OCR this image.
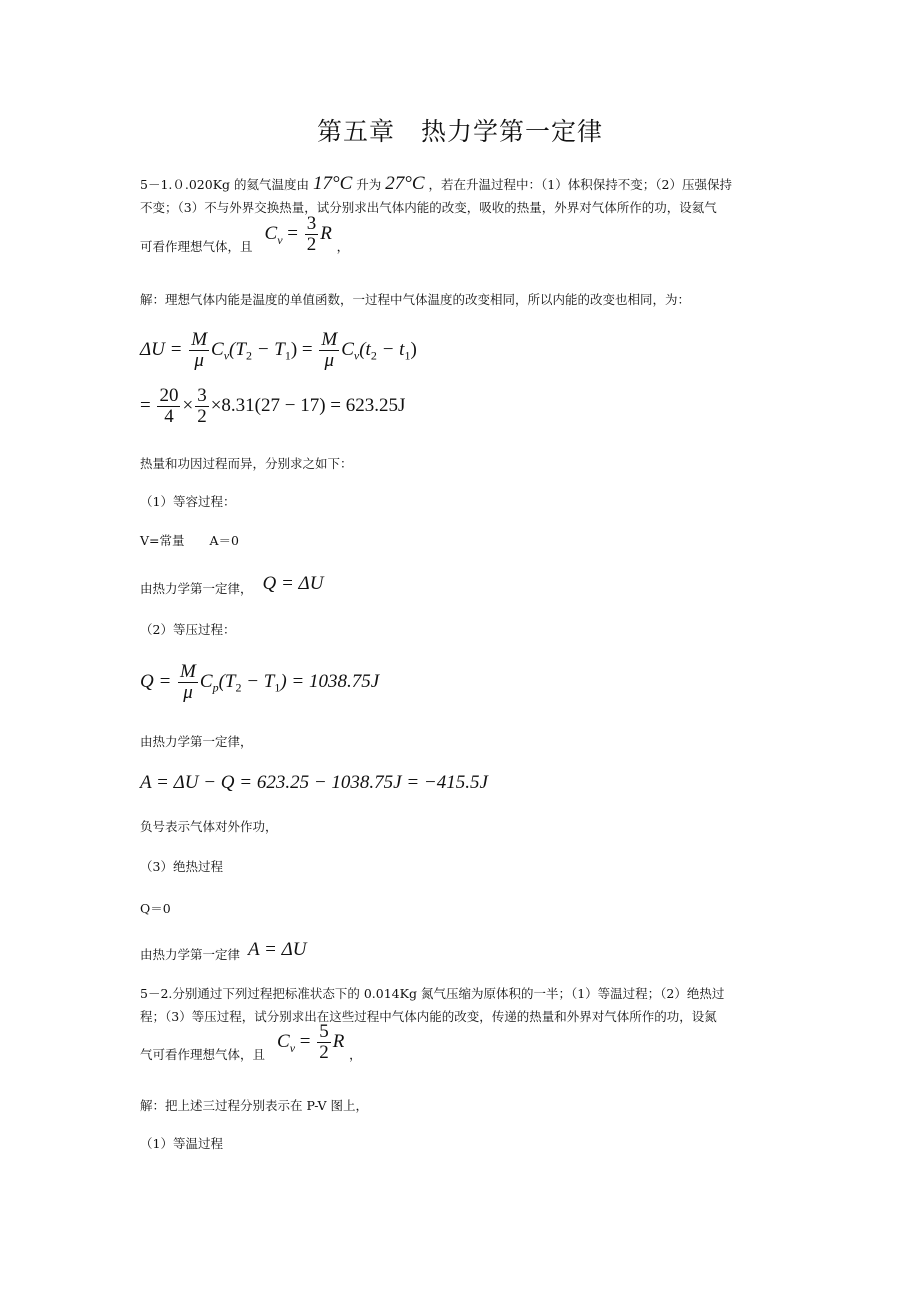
第五章　热力学第一定律
5－1.０.020Kg 的氦气温度由 17°C 升为 27°C ，若在升温过程中：（1）体积保持不变；（2）压强保持
不变；（3）不与外界交换热量，试分别求出气体内能的改变，吸收的热量，外界对气体所作的功，设氦气
可看作理想气体，且 $C_v = \frac{3}{2}$ R ，
解：理想气体内能是温度的单值函数，一过程中气体温度的改变相同，所以内能的改变也相同，为：
$\Delta U = \frac{M}{\mu} C_v(T_2 - T_1) = \frac{M}{\mu} C_v(t_2 - t_1)$
= $\frac{20}{4} \times \frac{3}{2} \times 8.31(27 - 17) = 623.25J$
热量和功因过程而异，分别求之如下：
（1）等容过程：
V=常量　　A＝0
由热力学第一定律， Q = ΔU
（2）等压过程：
$Q = \frac{M}{\mu} C_p(T_2 - T_1) = 1038.75J$
由热力学第一定律，
A = ΔU − Q = 623.25 − 1038.75J = −415.5J
负号表示气体对外作功，
（3）绝热过程
Q＝0
由热力学第一定律 A = ΔU
5－2.分别通过下列过程把标准状态下的 0.014Kg 氮气压缩为原体积的一半；（1）等温过程；（2）绝热过
程；（3）等压过程，试分别求出在这些过程中气体内能的改变，传递的热量和外界对气体所作的功，设氮
气可看作理想气体，且 $C_v = \frac{5}{2}$ R ，
解：把上述三过程分别表示在 P-V 图上，
（1）等温过程
